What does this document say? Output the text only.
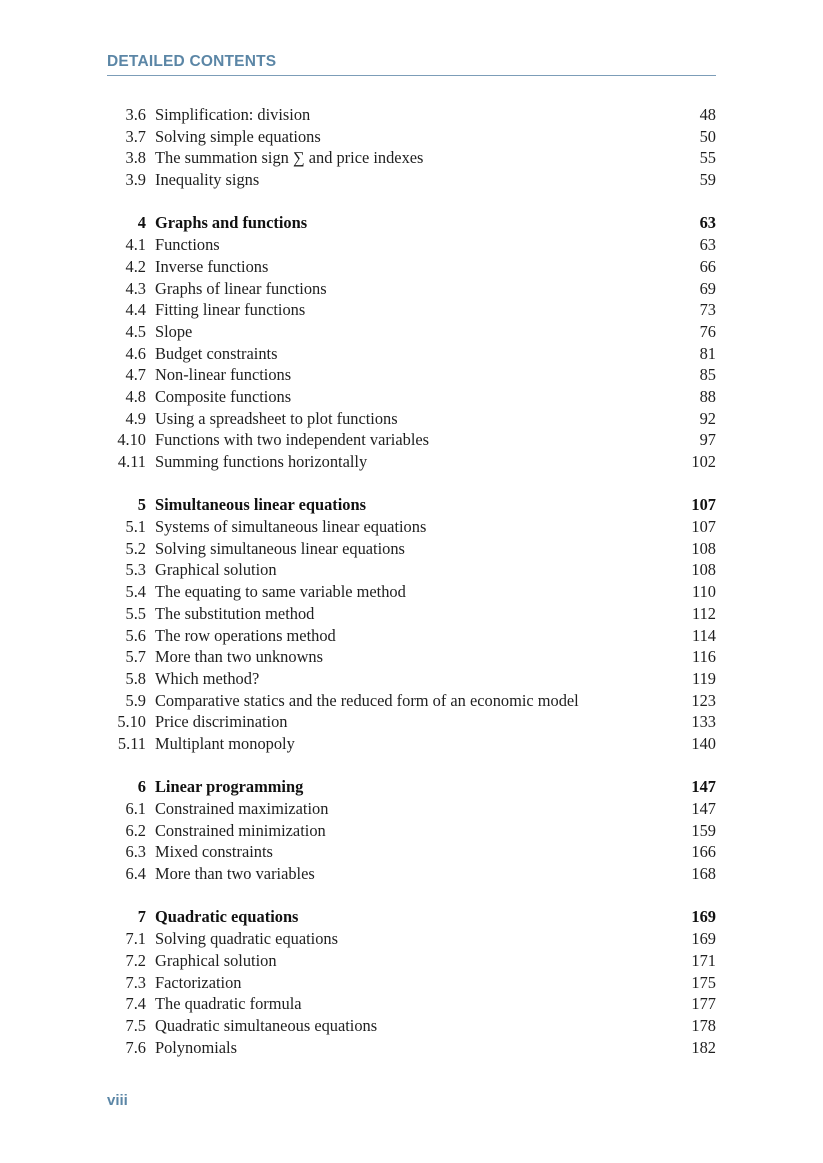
DETAILED CONTENTS
3.6 Simplification: division	48
3.7 Solving simple equations	50
3.8 The summation sign ∑ and price indexes	55
3.9 Inequality signs	59
4 Graphs and functions	63
4.1 Functions	63
4.2 Inverse functions	66
4.3 Graphs of linear functions	69
4.4 Fitting linear functions	73
4.5 Slope	76
4.6 Budget constraints	81
4.7 Non-linear functions	85
4.8 Composite functions	88
4.9 Using a spreadsheet to plot functions	92
4.10 Functions with two independent variables	97
4.11 Summing functions horizontally	102
5 Simultaneous linear equations	107
5.1 Systems of simultaneous linear equations	107
5.2 Solving simultaneous linear equations	108
5.3 Graphical solution	108
5.4 The equating to same variable method	110
5.5 The substitution method	112
5.6 The row operations method	114
5.7 More than two unknowns	116
5.8 Which method?	119
5.9 Comparative statics and the reduced form of an economic model	123
5.10 Price discrimination	133
5.11 Multiplant monopoly	140
6 Linear programming	147
6.1 Constrained maximization	147
6.2 Constrained minimization	159
6.3 Mixed constraints	166
6.4 More than two variables	168
7 Quadratic equations	169
7.1 Solving quadratic equations	169
7.2 Graphical solution	171
7.3 Factorization	175
7.4 The quadratic formula	177
7.5 Quadratic simultaneous equations	178
7.6 Polynomials	182
viii
